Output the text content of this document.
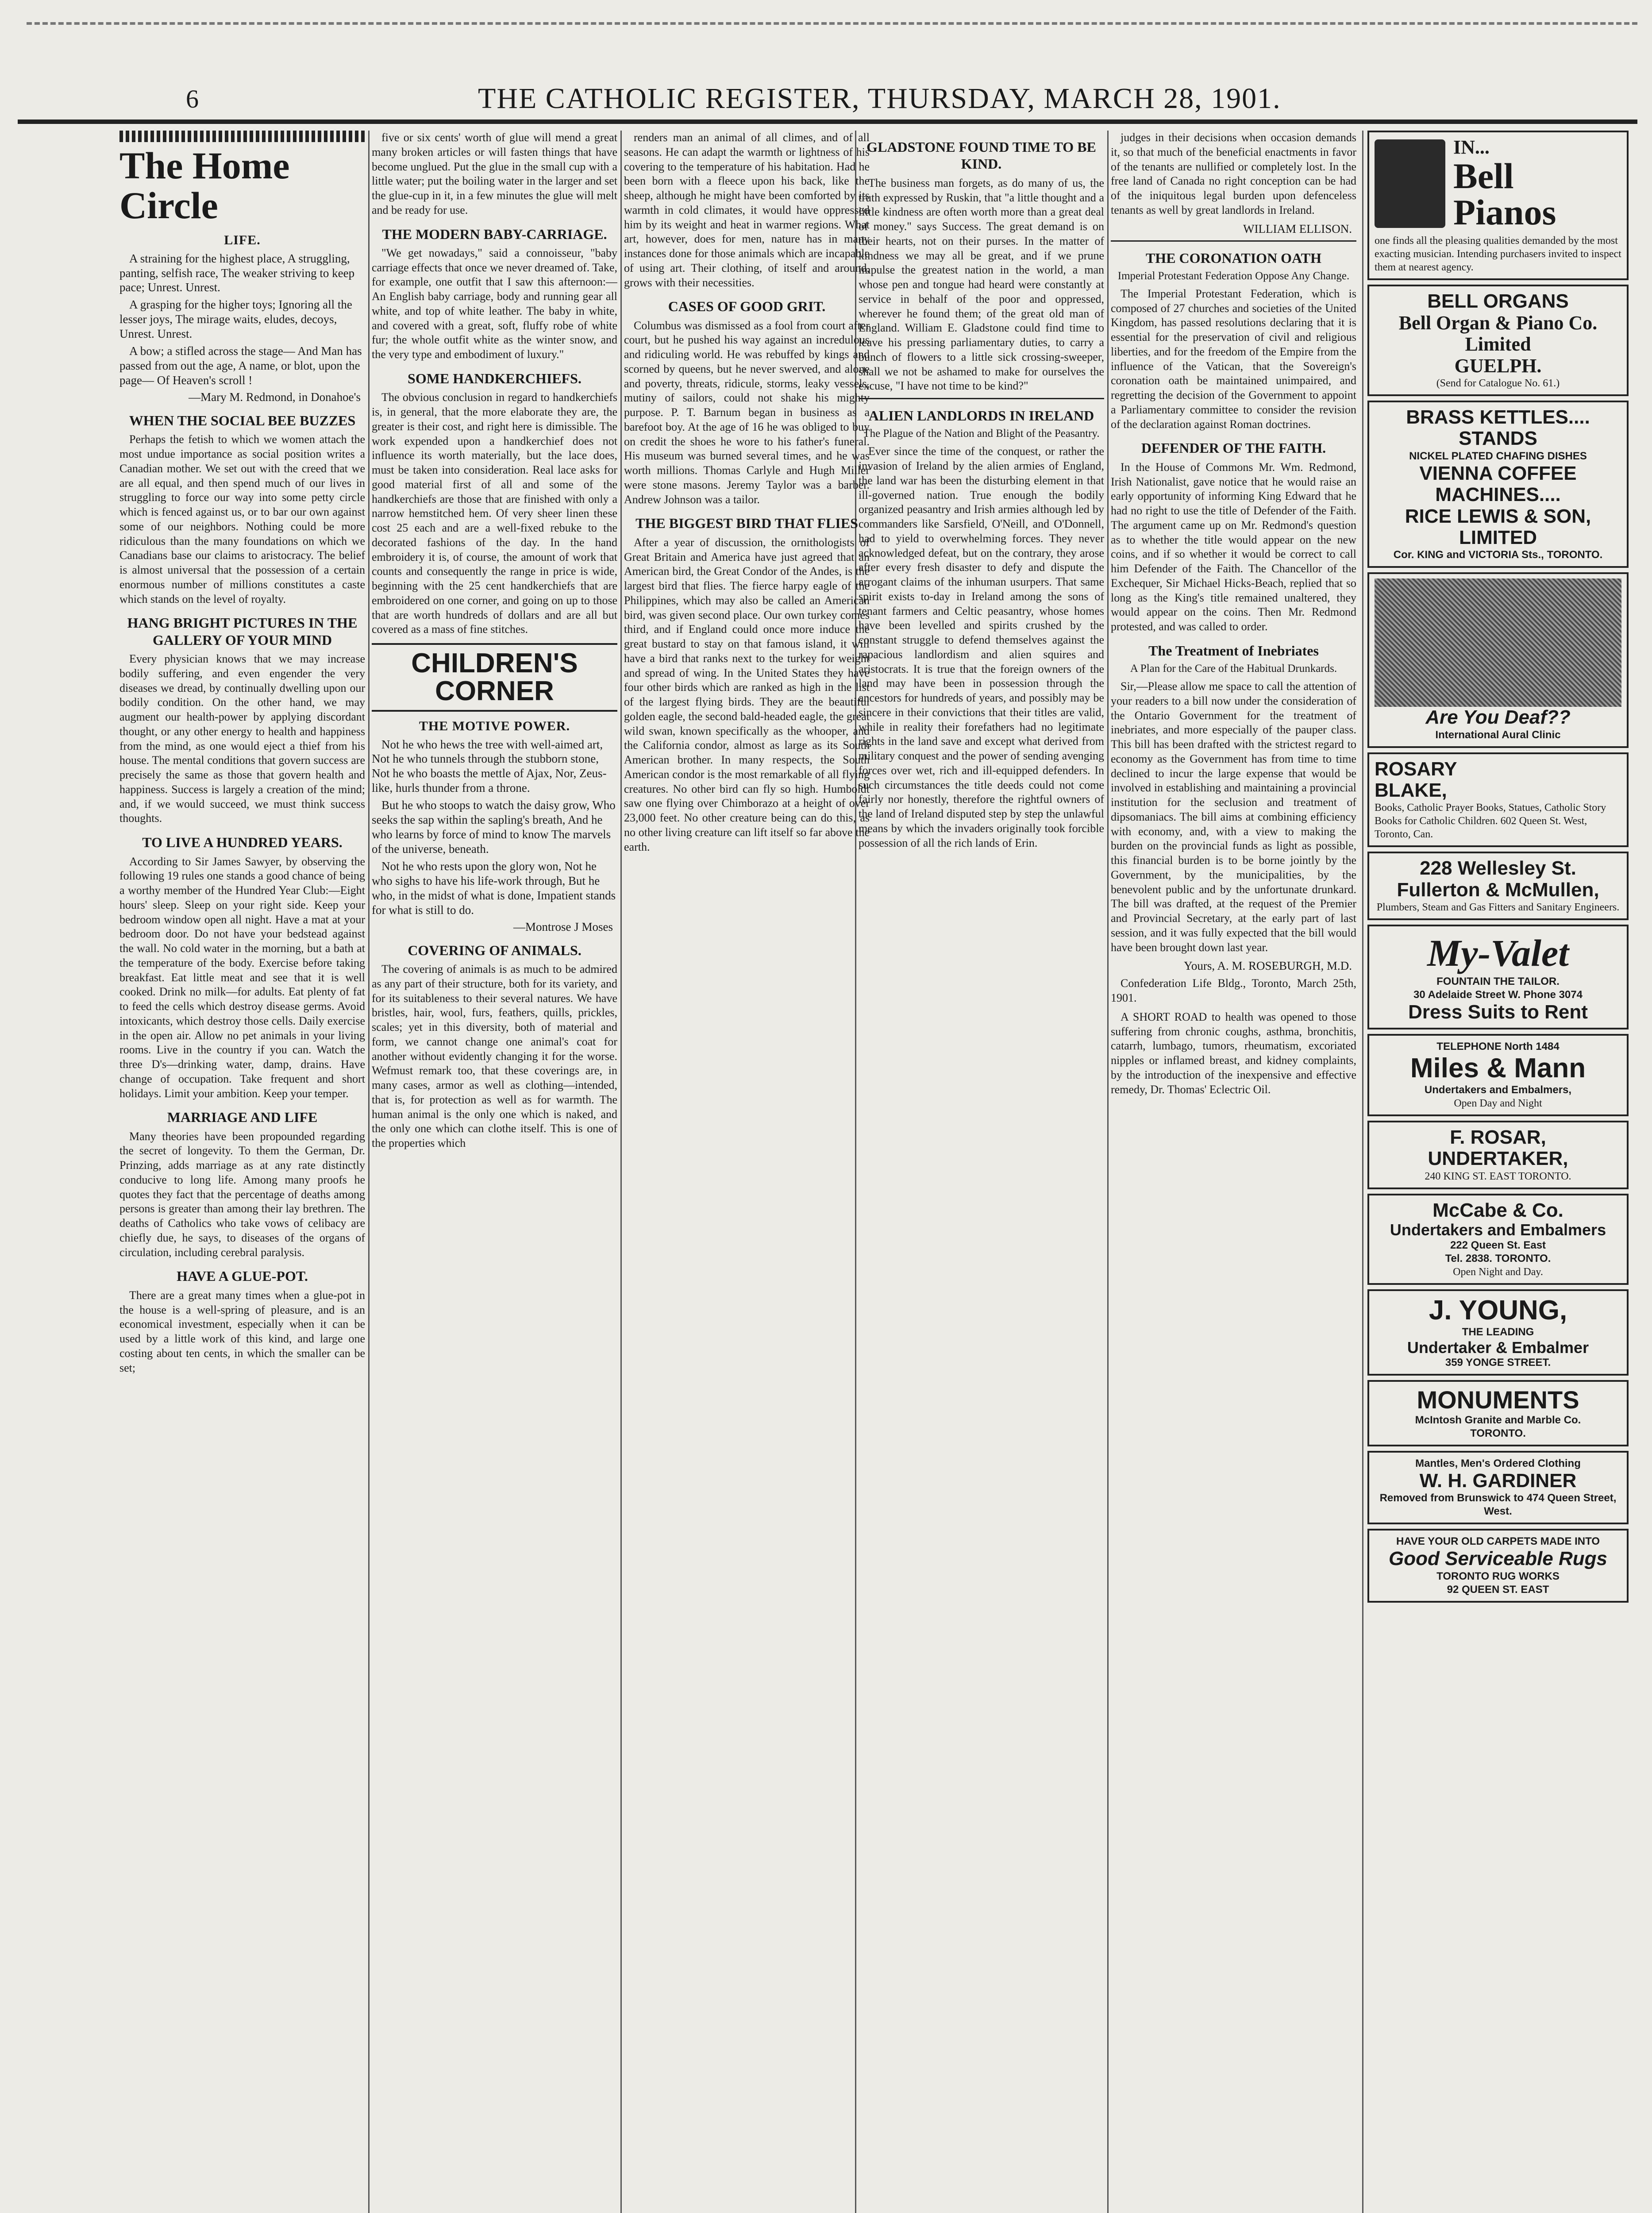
6	THE CATHOLIC REGISTER, THURSDAY, MARCH 28, 1901.
The Home Circle
LIFE.

A straining for the highest place, A struggling, panting, selfish race, The weaker striving to keep pace; Unrest. Unrest.

A grasping for the higher toys; Ignoring all the lesser joys, The mirage waits, eludes, decoys, Unrest. Unrest.

A bow; a stifled across the stage— And Man has passed from out the age, A name, or blot, upon the page— Of Heaven's scroll !

—Mary M. Redmond, in Donahoe's
WHEN THE SOCIAL BEE BUZZES

Perhaps the fetish to which we women attach the most undue importance as social position writes a Canadian mother. We set out with the creed that we are all equal, and then spend much of our lives in struggling to force our way into some petty circle which is fenced against us, or to bar our own against some of our neighbors. Nothing could be more ridiculous than the many foundations on which we Canadians base our claims to aristocracy. The belief is almost universal that the possession of a certain enormous number of millions constitutes a caste which stands on the level of royalty.

HANG BRIGHT PICTURES IN THE GALLERY OF YOUR MIND

Every physician knows that we may increase bodily suffering, and even engender the very diseases we dread, by continually dwelling upon our bodily condition. On the other hand, we may augment our health-power by applying discordant thought, or any other energy to health and happiness from the mind, as one would eject a thief from his house. The mental conditions that govern success are precisely the same as those that govern health and happiness. Success is largely a creation of the mind; and, if we would succeed, we must think success thoughts.

TO LIVE A HUNDRED YEARS.

According to Sir James Sawyer, by observing the following 19 rules one stands a good chance of being a worthy member of the Hundred Year Club:—Eight hours' sleep. Sleep on your right side. Keep your bedroom window open all night. Have a mat at your bedroom door. Do not have your bedstead against the wall. No cold water in the morning, but a bath at the temperature of the body. Exercise before taking breakfast. Eat little meat and see that it is well cooked. Drink no milk—for adults. Eat plenty of fat to feed the cells which destroy disease germs. Avoid intoxicants, which destroy those cells. Daily exercise in the open air. Allow no pet animals in your living rooms. Live in the country if you can. Watch the three D's—drinking water, damp, drains. Have change of occupation. Take frequent and short holidays. Limit your ambition. Keep your temper.

MARRIAGE AND LIFE

Many theories have been propounded regarding the secret of longevity. To them the German, Dr. Prinzing, adds marriage as at any rate distinctly conducive to long life. Among many proofs he quotes they fact that the percentage of deaths among persons is greater than among their lay brethren. The deaths of Catholics who take vows of celibacy are chiefly due, he says, to diseases of the organs of circulation, including cerebral paralysis.

HAVE A GLUE-POT.

There are a great many times when a glue-pot in the house is a well-spring of pleasure, and is an economical investment, especially when it can be used by a little work of this kind, and large one costing about ten cents, in which the smaller can be set;

five or six cents' worth of glue will mend a great many broken articles or will fasten things that have become unglued. Put the glue in the small cup with a little water; put the boiling water in the larger and set the glue-cup in it, in a few minutes the glue will melt and be ready for use.

THE MODERN BABY-CARRIAGE.

"We get nowadays," said a connoisseur, "baby carriage effects that once we never dreamed of. Take, for example, one outfit that I saw this afternoon:—An English baby carriage, body and running gear all white, and top of white leather. The baby in white, and covered with a great, soft, fluffy robe of white fur; the whole outfit white as the winter snow, and the very type and embodiment of luxury."

SOME HANDKERCHIEFS.

The obvious conclusion in regard to handkerchiefs is, in general, that the more elaborate they are, the greater is their cost, and right here is dimissible. The work expended upon a handkerchief does not influence its worth materially, but the lace does, must be taken into consideration. Real lace asks for good material first of all and some of the handkerchiefs are those that are finished with only a narrow hemstitched hem. Of very sheer linen these cost 25 each and are a well-fixed rebuke to the decorated fashions of the day. In the hand embroidery it is, of course, the amount of work that counts and consequently the range in price is wide, beginning with the 25 cent handkerchiefs that are embroidered on one corner, and going on up to those that are worth hundreds of dollars and are all but covered as a mass of fine stitches.

CHILDREN'S CORNER
THE MOTIVE POWER.

Not he who hews the tree with well-aimed art, Not he who tunnels through the stubborn stone, Not he who boasts the mettle of Ajax, Nor, Zeus-like, hurls thunder from a throne.

But he who stoops to watch the daisy grow, Who seeks the sap within the sapling's breath, And he who learns by force of mind to know The marvels of the universe, beneath.

Not he who rests upon the glory won, Not he who sighs to have his life-work through, But he who, in the midst of what is done, Impatient stands for what is still to do.

—Montrose J Moses
COVERING OF ANIMALS.

The covering of animals is as much to be admired as any part of their structure, both for its variety, and for its suitableness to their several natures. We have bristles, hair, wool, furs, feathers, quills, prickles, scales; yet in this diversity, both of material and form, we cannot change one animal's coat for another without evidently changing it for the worse. Wefmust remark too, that these coverings are, in many cases, armor as well as clothing—intended, that is, for protection as well as for warmth. The human animal is the only one which is naked, and the only one which can clothe itself. This is one of the properties which

renders man an animal of all climes, and of all seasons. He can adapt the warmth or lightness of his covering to the temperature of his habitation. Had he been born with a fleece upon his back, like the sheep, although he might have been comforted by its warmth in cold climates, it would have oppressed him by its weight and heat in warmer regions. What art, however, does for men, nature has in many instances done for those animals which are incapable of using art. Their clothing, of itself and around, grows with their necessities.

CASES OF GOOD GRIT.

Columbus was dismissed as a fool from court after court, but he pushed his way against an incredulous and ridiculing world. He was rebuffed by kings and scorned by queens, but he never swerved, and alone and poverty, threats, ridicule, storms, leaky vessels, mutiny of sailors, could not shake his mighty purpose. P. T. Barnum began in business as a barefoot boy. At the age of 16 he was obliged to buy on credit the shoes he wore to his father's funeral. His museum was burned several times, and he was worth millions. Thomas Carlyle and Hugh Miller were stone masons. Jeremy Taylor was a barber. Andrew Johnson was a tailor.

THE BIGGEST BIRD THAT FLIES

After a year of discussion, the ornithologists of Great Britain and America have just agreed that an American bird, the Great Condor of the Andes, is the largest bird that flies. The fierce harpy eagle of the Philippines, which may also be called an American bird, was given second place. Our own turkey comes third, and if England could once more induce the great bustard to stay on that famous island, it will have a bird that ranks next to the turkey for weight and spread of wing. In the United States they have four other birds which are ranked as high in the list of the largest flying birds. They are the beautiful golden eagle, the second bald-headed eagle, the great wild swan, known specifically as the whooper, and the California condor, almost as large as its South American brother. In many respects, the South American condor is the most remarkable of all flying creatures. No other bird can fly so high. Humboldt saw one flying over Chimborazo at a height of over 23,000 feet. No other creature being can do this, as no other living creature can lift itself so far above the earth.

GLADSTONE FOUND TIME TO BE KIND.

The business man forgets, as do many of us, the truth expressed by Ruskin, that "a little thought and a little kindness are often worth more than a great deal of money." says Success. The great demand is on their hearts, not on their purses. In the matter of kindness we may all be great, and if we prune impulse the greatest nation in the world, a man whose pen and tongue had heard were constantly at service in behalf of the poor and oppressed, wherever he found them; of the great old man of England. William E. Gladstone could find time to leave his pressing parliamentary duties, to carry a bunch of flowers to a little sick crossing-sweeper, shall we not be ashamed to make for ourselves the excuse, "I have not time to be kind?"

ALIEN LANDLORDS IN IRELAND
The Plague of the Nation and Blight of the Peasantry.

Ever since the time of the conquest, or rather the invasion of Ireland by the alien armies of England, the land war has been the disturbing element in that ill-governed nation. True enough the bodily organized peasantry and Irish armies although led by commanders like Sarsfield, O'Neill, and O'Donnell, had to yield to overwhelming forces. They never acknowledged defeat, but on the contrary, they arose after every fresh disaster to defy and dispute the arrogant claims of the inhuman usurpers. That same spirit exists to-day in Ireland among the sons of tenant farmers and Celtic peasantry, whose homes have been levelled and spirits crushed by the constant struggle to defend themselves against the rapacious landlordism and alien squires and aristocrats. It is true that the foreign owners of the land may have been in possession through the ancestors for hundreds of years, and possibly may be sincere in their convictions that their titles are valid, while in reality their forefathers had no legitimate rights in the land save and except what derived from military conquest and the power of sending avenging forces over wet, rich and ill-equipped defenders. In such circumstances the title deeds could not come fairly nor honestly, therefore the rightful owners of the land of Ireland disputed step by step the unlawful means by which the invaders originally took forcible possession of all the rich lands of Erin.

judges in their decisions when occasion demands it, so that much of the beneficial enactments in favor of the tenants are nullified or completely lost. In the free land of Canada no right conception can be had of the iniquitous legal burden upon defenceless tenants as well by great landlords in Ireland.

WILLIAM ELLISON.
THE CORONATION OATH
Imperial Protestant Federation Oppose Any Change.

The Imperial Protestant Federation, which is composed of 27 churches and societies of the United Kingdom, has passed resolutions declaring that it is essential for the preservation of civil and religious liberties, and for the freedom of the Empire from the influence of the Vatican, that the Sovereign's coronation oath be maintained unimpaired, and regretting the decision of the Government to appoint a Parliamentary committee to consider the revision of the declaration against Roman doctrines.

DEFENDER OF THE FAITH.

In the House of Commons Mr. Wm. Redmond, Irish Nationalist, gave notice that he would raise an early opportunity of informing King Edward that he had no right to use the title of Defender of the Faith. The argument came up on Mr. Redmond's question as to whether the title would appear on the new coins, and if so whether it would be correct to call him Defender of the Faith. The Chancellor of the Exchequer, Sir Michael Hicks-Beach, replied that so long as the King's title remained unaltered, they would appear on the coins. Then Mr. Redmond protested, and was called to order.

The Treatment of Inebriates
A Plan for the Care of the Habitual Drunkards.

Sir,—Please allow me space to call the attention of your readers to a bill now under the consideration of the Ontario Government for the treatment of inebriates, and more especially of the pauper class. This bill has been drafted with the strictest regard to economy as the Government has from time to time declined to incur the large expense that would be involved in establishing and maintaining a provincial institution for the seclusion and treatment of dipsomaniacs. The bill aims at combining efficiency with economy, and, with a view to making the burden on the provincial funds as light as possible, this financial burden is to be borne jointly by the Government, by the municipalities, by the benevolent public and by the unfortunate drunkard. The bill was drafted, at the request of the Premier and Provincial Secretary, at the early part of last session, and it was fully expected that the bill would have been brought down last year.

Yours, A. M. ROSEBURGH, M.D.

Confederation Life Bldg., Toronto, March 25th, 1901.

A SHORT ROAD to health was opened to those suffering from chronic coughs, asthma, bronchitis, catarrh, lumbago, tumors, rheumatism, excoriated nipples or inflamed breast, and kidney complaints, by the introduction of the inexpensive and effective remedy, Dr. Thomas' Eclectric Oil.

IN...
Bell
Pianos
one finds all the pleasing qualities demanded by the most exacting musician. Intending purchasers invited to inspect them at nearest agency.
BELL ORGANS
Bell Organ & Piano Co. Limited
GUELPH.
(Send for Catalogue No. 61.)
BRASS KETTLES.... STANDS
NICKEL PLATED CHAFING DISHES
VIENNA COFFEE MACHINES....
RICE LEWIS & SON, LIMITED
Cor. KING and VICTORIA Sts., TORONTO.
Are You Deaf??
International Aural Clinic
ROSARY
BLAKE,
Books, Catholic Prayer Books, Statues, Catholic Story Books for Catholic Children. 602 Queen St. West, Toronto, Can.
228 Wellesley St.
Fullerton & McMullen,
Plumbers, Steam and Gas Fitters and Sanitary Engineers.
My-Valet
FOUNTAIN THE TAILOR.
30 Adelaide Street W. Phone 3074
Dress Suits to Rent
TELEPHONE North 1484
Miles & Mann
Undertakers and Embalmers,
Open Day and Night
F. ROSAR,
UNDERTAKER,
240 KING ST. EAST TORONTO.
McCabe & Co.
Undertakers and Embalmers
222 Queen St. East
Tel. 2838. TORONTO.
Open Night and Day.
J. YOUNG,
THE LEADING
Undertaker & Embalmer
359 YONGE STREET.
MONUMENTS
McIntosh Granite and Marble Co.
TORONTO.
Mantles, Men's Ordered Clothing
W. H. GARDINER
Removed from Brunswick to 474 Queen Street, West.
HAVE YOUR OLD CARPETS MADE INTO
Good Serviceable Rugs
TORONTO RUG WORKS
92 QUEEN ST. EAST
